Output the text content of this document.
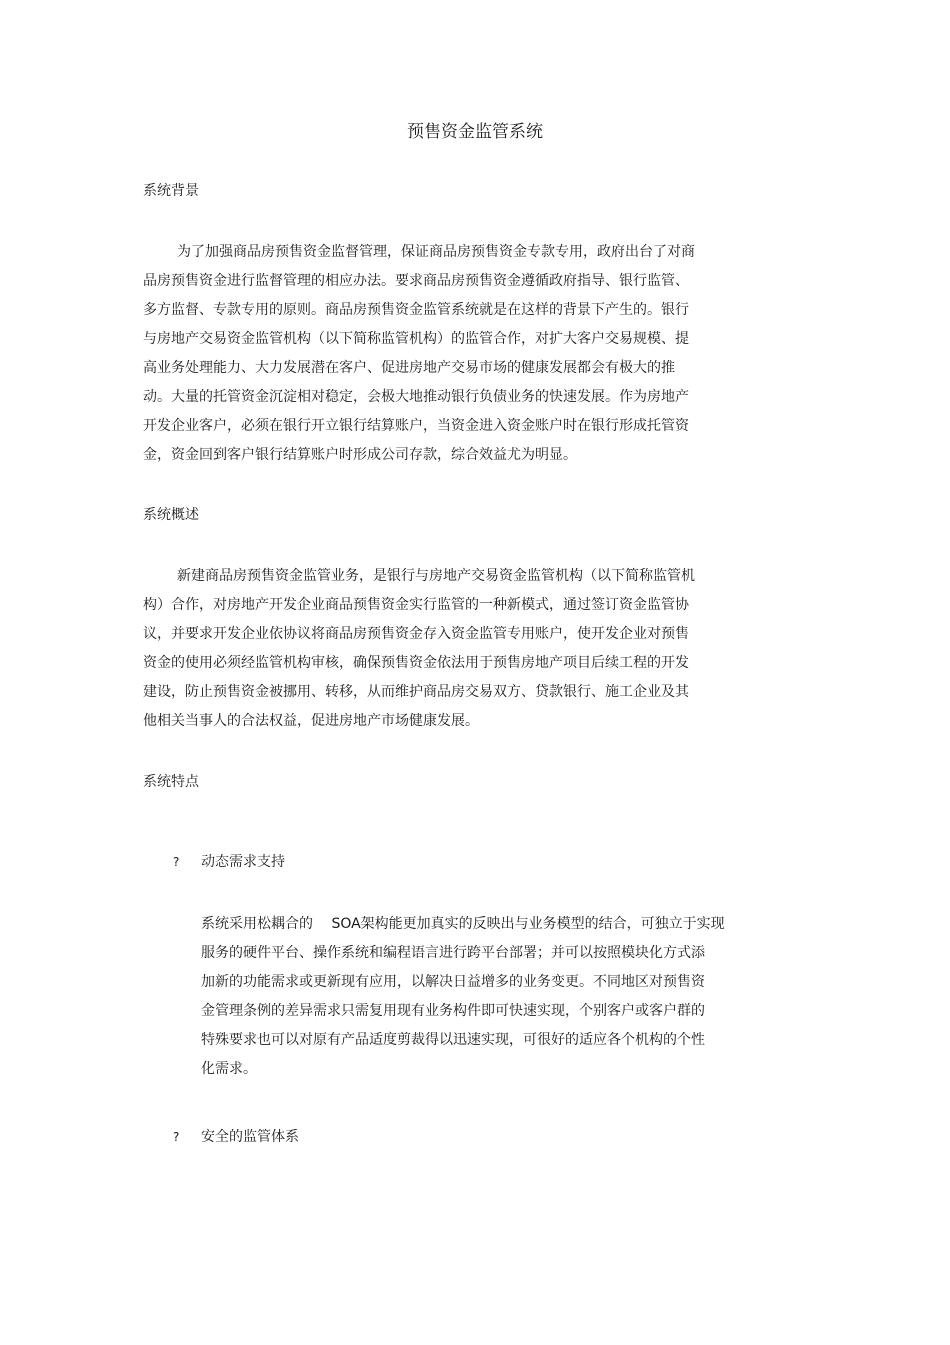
预售资金监管系统
系统背景
为了加强商品房预售资金监督管理，保证商品房预售资金专款专用，政府出台了对商
品房预售资金进行监督管理的相应办法。要求商品房预售资金遵循政府指导、银行监管、
多方监督、专款专用的原则。商品房预售资金监管系统就是在这样的背景下产生的。银行
与房地产交易资金监管机构（以下简称监管机构）的监管合作，对扩大客户交易规模、提
高业务处理能力、大力发展潜在客户、促进房地产交易市场的健康发展都会有极大的推
动。大量的托管资金沉淀相对稳定，会极大地推动银行负债业务的快速发展。作为房地产
开发企业客户，必须在银行开立银行结算账户，当资金进入资金账户时在银行形成托管资
金，资金回到客户银行结算账户时形成公司存款，综合效益尤为明显。
系统概述
新建商品房预售资金监管业务，是银行与房地产交易资金监管机构（以下简称监管机
构）合作，对房地产开发企业商品预售资金实行监管的一种新模式，通过签订资金监管协
议，并要求开发企业依协议将商品房预售资金存入资金监管专用账户，使开发企业对预售
资金的使用必须经监管机构审核，确保预售资金依法用于预售房地产项目后续工程的开发
建设，防止预售资金被挪用、转移，从而维护商品房交易双方、贷款银行、施工企业及其
他相关当事人的合法权益，促进房地产市场健康发展。
系统特点
? 动态需求支持
系统采用松耦合的　 SOA架构能更加真实的反映出与业务模型的结合，可独立于实现
服务的硬件平台、操作系统和编程语言进行跨平台部署；并可以按照模块化方式添
加新的功能需求或更新现有应用，以解决日益增多的业务变更。不同地区对预售资
金管理条例的差异需求只需复用现有业务构件即可快速实现，个别客户或客户群的
特殊要求也可以对原有产品适度剪裁得以迅速实现，可很好的适应各个机构的个性
化需求。
? 安全的监管体系
